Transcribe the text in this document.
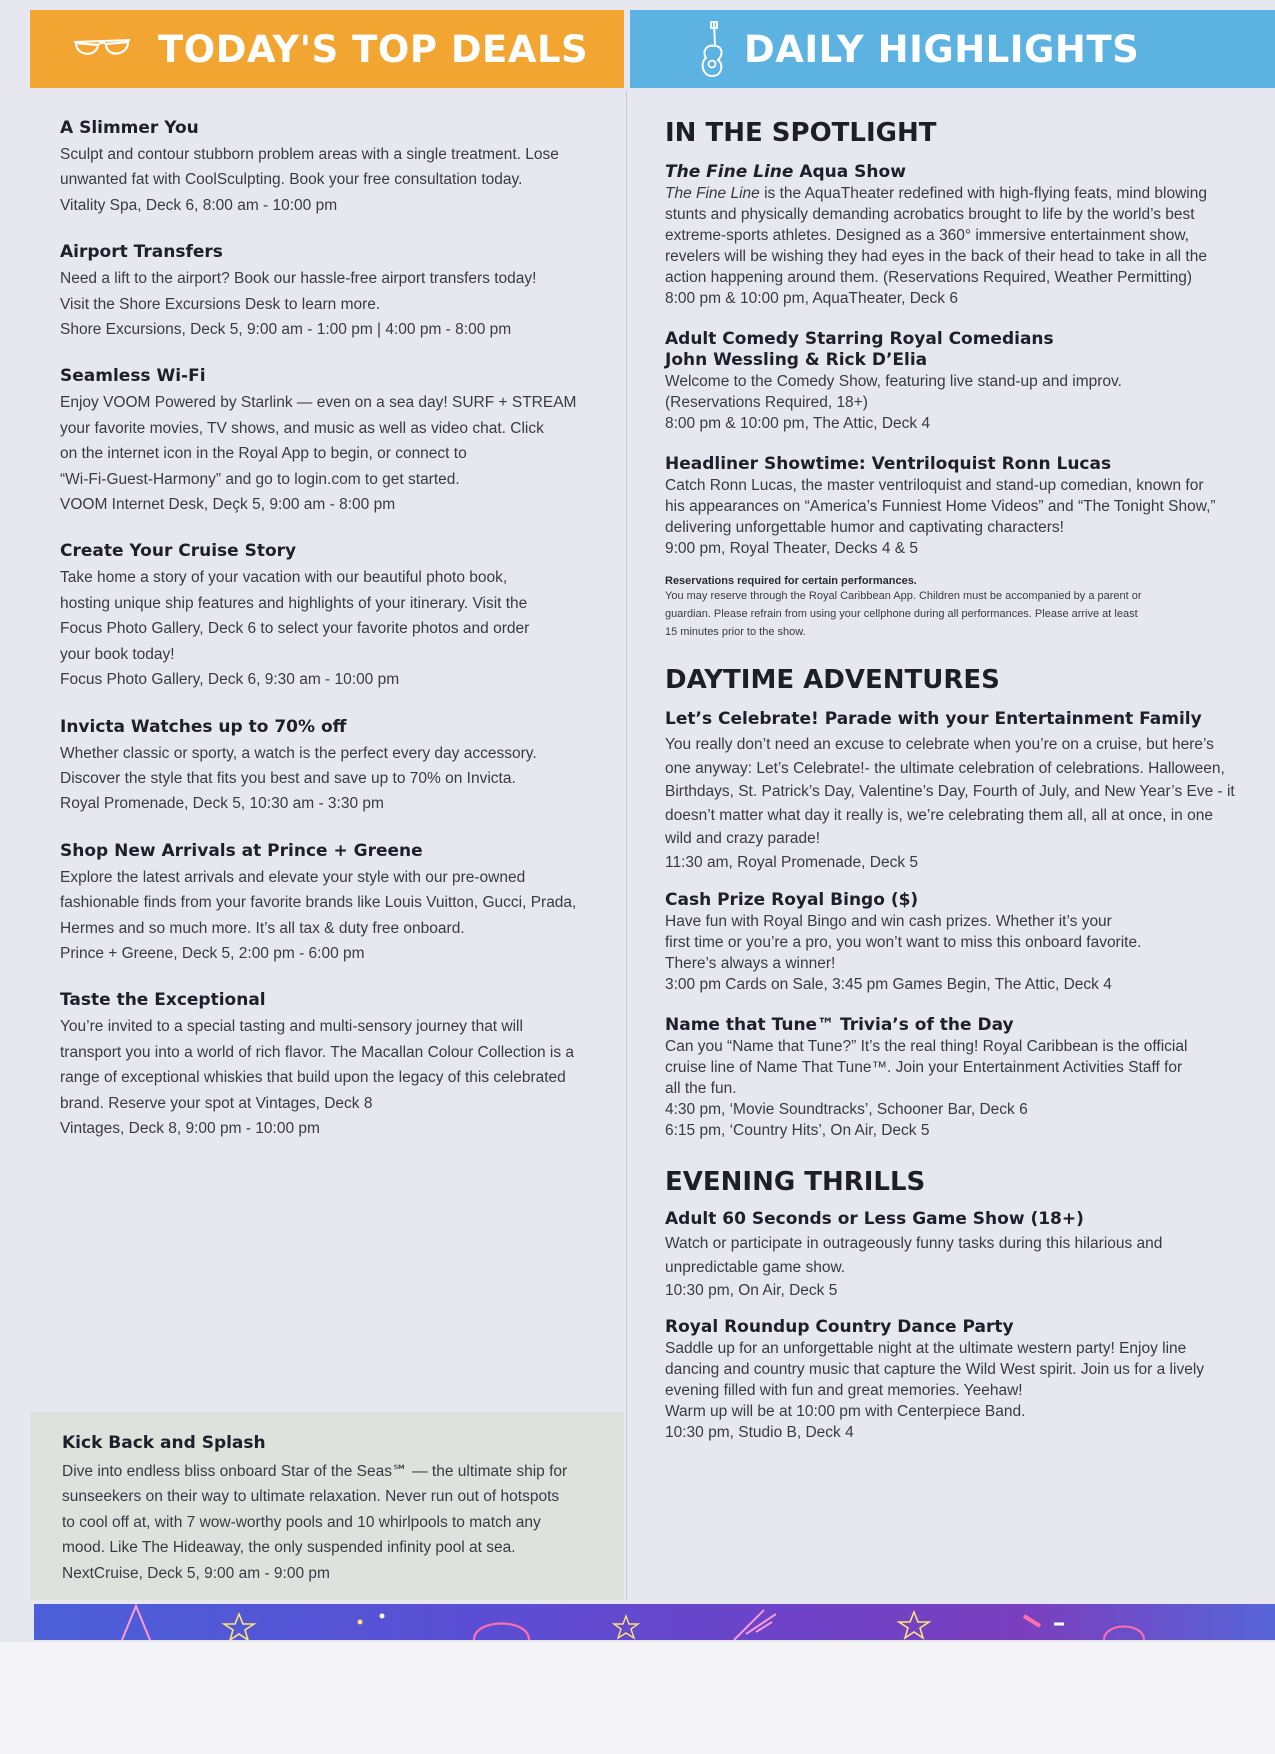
TODAY'S TOP DEALS	DAILY HIGHLIGHTS
A Slimmer You
Sculpt and contour stubborn problem areas with a single treatment. Lose
unwanted fat with CoolSculpting. Book your free consultation today.
Vitality Spa, Deck 6, 8:00 am - 10:00 pm
Airport Transfers
Need a lift to the airport? Book our hassle-free airport transfers today!
Visit the Shore Excursions Desk to learn more.
Shore Excursions, Deck 5, 9:00 am - 1:00 pm | 4:00 pm - 8:00 pm
Seamless Wi-Fi
Enjoy VOOM Powered by Starlink — even on a sea day! SURF + STREAM
your favorite movies, TV shows, and music as well as video chat. Click
on the internet icon in the Royal App to begin, or connect to
“Wi-Fi-Guest-Harmony” and go to login.com to get started.
VOOM Internet Desk, Deçk 5, 9:00 am - 8:00 pm
Create Your Cruise Story
Take home a story of your vacation with our beautiful photo book,
hosting unique ship features and highlights of your itinerary. Visit the
Focus Photo Gallery, Deck 6 to select your favorite photos and order
your book today!
Focus Photo Gallery, Deck 6, 9:30 am - 10:00 pm
Invicta Watches up to 70% off
Whether classic or sporty, a watch is the perfect every day accessory.
Discover the style that fits you best and save up to 70% on Invicta.
Royal Promenade, Deck 5, 10:30 am - 3:30 pm
Shop New Arrivals at Prince + Greene
Explore the latest arrivals and elevate your style with our pre-owned
fashionable finds from your favorite brands like Louis Vuitton, Gucci, Prada,
Hermes and so much more. It’s all tax & duty free onboard.
Prince + Greene, Deck 5, 2:00 pm - 6:00 pm
Taste the Exceptional
You’re invited to a special tasting and multi-sensory journey that will
transport you into a world of rich flavor. The Macallan Colour Collection is a
range of exceptional whiskies that build upon the legacy of this celebrated
brand. Reserve your spot at Vintages, Deck 8
Vintages, Deck 8, 9:00 pm - 10:00 pm
Kick Back and Splash
Dive into endless bliss onboard Star of the Seas℠ — the ultimate ship for
sunseekers on their way to ultimate relaxation. Never run out of hotspots
to cool off at, with 7 wow-worthy pools and 10 whirlpools to match any
mood. Like The Hideaway, the only suspended infinity pool at sea.
NextCruise, Deck 5, 9:00 am - 9:00 pm
IN THE SPOTLIGHT
The Fine Line Aqua Show
The Fine Line is the AquaTheater redefined with high-flying feats, mind blowing
stunts and physically demanding acrobatics brought to life by the world’s best
extreme-sports athletes. Designed as a 360° immersive entertainment show,
revelers will be wishing they had eyes in the back of their head to take in all the
action happening around them. (Reservations Required, Weather Permitting)
8:00 pm & 10:00 pm, AquaTheater, Deck 6
Adult Comedy Starring Royal Comedians
John Wessling & Rick D’Elia
Welcome to the Comedy Show, featuring live stand-up and improv.
(Reservations Required, 18+)
8:00 pm & 10:00 pm, The Attic, Deck 4
Headliner Showtime: Ventriloquist Ronn Lucas
Catch Ronn Lucas, the master ventriloquist and stand-up comedian, known for
his appearances on “America’s Funniest Home Videos” and “The Tonight Show,”
delivering unforgettable humor and captivating characters!
9:00 pm, Royal Theater, Decks 4 & 5
Reservations required for certain performances.
You may reserve through the Royal Caribbean App. Children must be accompanied by a parent or
guardian. Please refrain from using your cellphone during all performances. Please arrive at least
15 minutes prior to the show.
DAYTIME ADVENTURES
Let’s Celebrate! Parade with your Entertainment Family
You really don’t need an excuse to celebrate when you’re on a cruise, but here’s
one anyway: Let’s Celebrate!- the ultimate celebration of celebrations. Halloween,
Birthdays, St. Patrick’s Day, Valentine’s Day, Fourth of July, and New Year’s Eve - it
doesn’t matter what day it really is, we’re celebrating them all, all at once, in one
wild and crazy parade!
11:30 am, Royal Promenade, Deck 5
Cash Prize Royal Bingo ($)
Have fun with Royal Bingo and win cash prizes. Whether it’s your
first time or you’re a pro, you won’t want to miss this onboard favorite.
There’s always a winner!
3:00 pm Cards on Sale, 3:45 pm Games Begin, The Attic, Deck 4
Name that Tune™ Trivia’s of the Day
Can you “Name that Tune?” It’s the real thing! Royal Caribbean is the official
cruise line of Name That Tune™. Join your Entertainment Activities Staff for
all the fun.
4:30 pm, ‘Movie Soundtracks’, Schooner Bar, Deck 6
6:15 pm, ‘Country Hits’, On Air, Deck 5
EVENING THRILLS
Adult 60 Seconds or Less Game Show (18+)
Watch or participate in outrageously funny tasks during this hilarious and
unpredictable game show.
10:30 pm, On Air, Deck 5
Royal Roundup Country Dance Party
Saddle up for an unforgettable night at the ultimate western party! Enjoy line
dancing and country music that capture the Wild West spirit. Join us for a lively
evening filled with fun and great memories. Yeehaw!
Warm up will be at 10:00 pm with Centerpiece Band.
10:30 pm, Studio B, Deck 4
